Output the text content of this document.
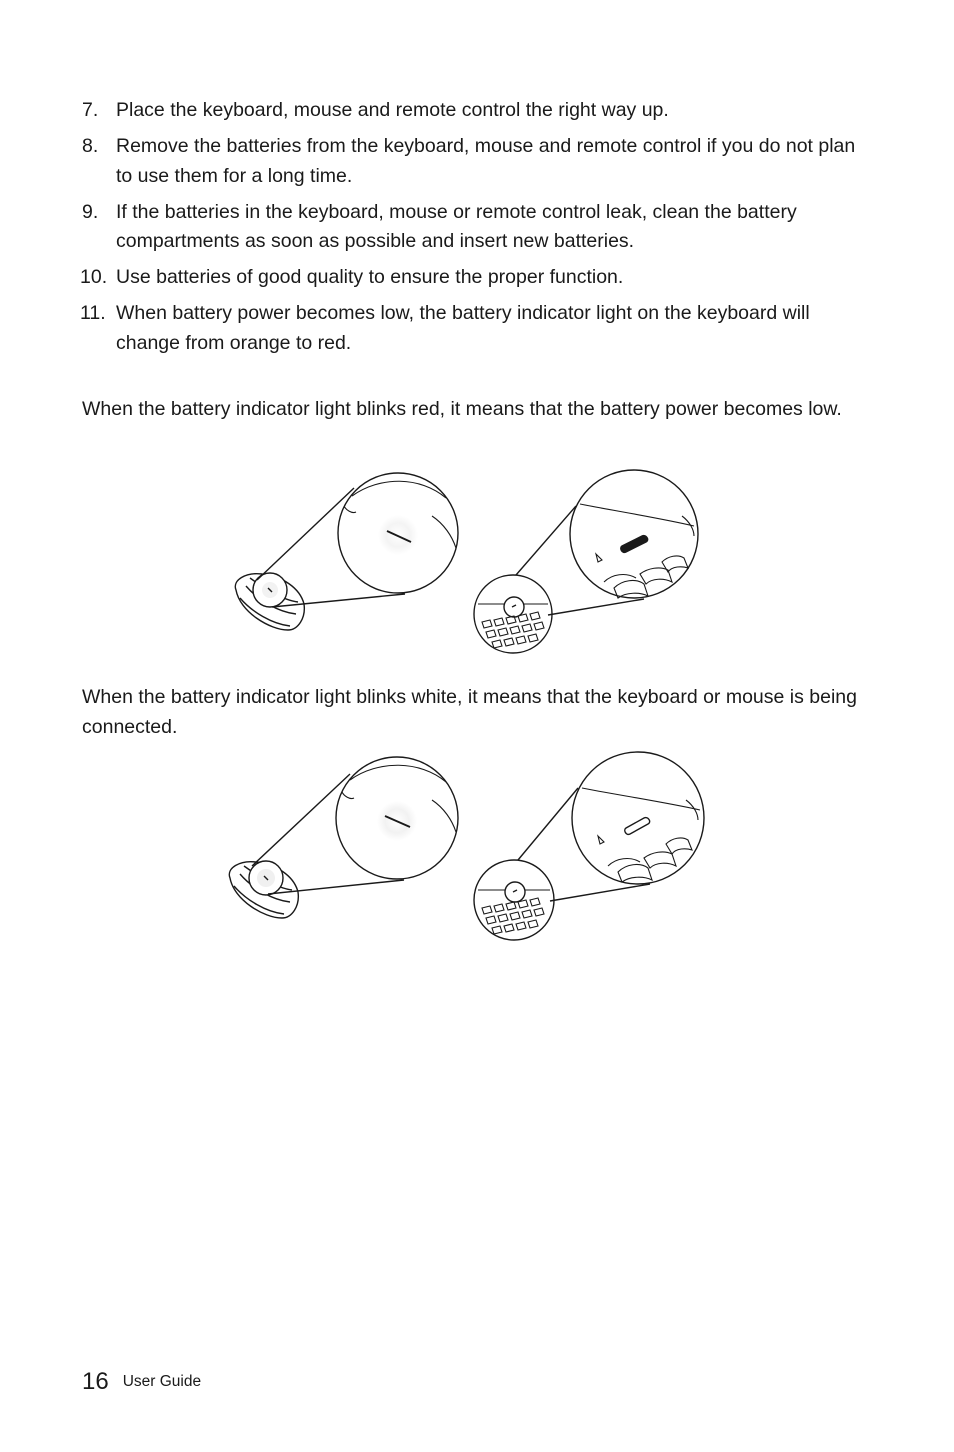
7. Place the keyboard, mouse and remote control the right way up.
8. Remove the batteries from the keyboard, mouse and remote control if you do not plan to use them for a long time.
9. If the batteries in the keyboard, mouse or remote control leak, clean the battery compartments as soon as possible and insert new batteries.
10. Use batteries of good quality to ensure the proper function.
11. When battery power becomes low, the battery indicator light on the keyboard will change from orange to red.

When the battery indicator light blinks red, it means that the battery power becomes low.

When the battery indicator light blinks white, it means that the keyboard or mouse is being connected.

16 User Guide
